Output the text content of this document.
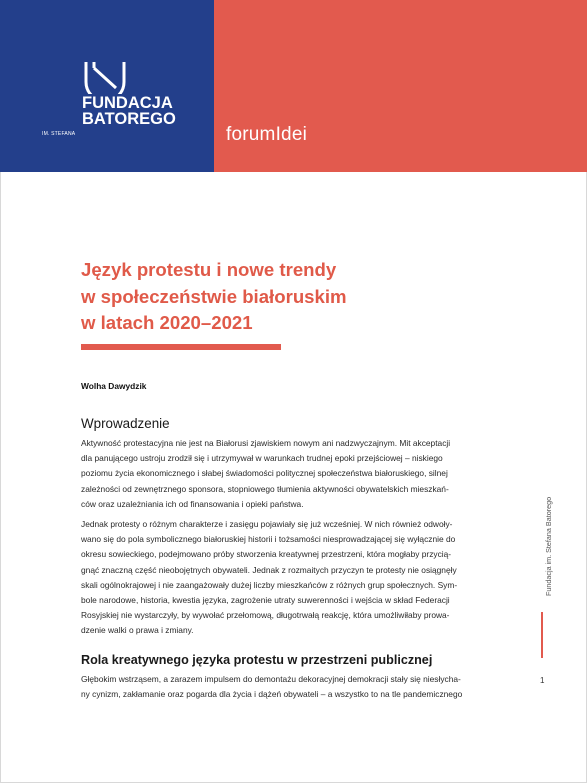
FUNDACJA
BATOREGO
IM. STEFANA	forumIdei
Język protestu i nowe trendy
w społeczeństwie białoruskim
w latach 2020–2021
Wolha Dawydzik
Wprowadzenie
Aktywność protestacyjna nie jest na Białorusi zjawiskiem nowym ani nadzwyczajnym. Mit akceptacji
dla panującego ustroju zrodził się i utrzymywał w warunkach trudnej epoki przejściowej – niskiego
poziomu życia ekonomicznego i słabej świadomości politycznej społeczeństwa białoruskiego, silnej
zależności od zewnętrznego sponsora, stopniowego tłumienia aktywności obywatelskich mieszkań-
ców oraz uzależniania ich od finansowania i opieki państwa.
Jednak protesty o różnym charakterze i zasięgu pojawiały się już wcześniej. W nich również odwoły-
wano się do pola symbolicznego białoruskiej historii i tożsamości niesprowadzającej się wyłącznie do
okresu sowieckiego, podejmowano próby stworzenia kreatywnej przestrzeni, która mogłaby przycią-
gnąć znaczną część nieobojętnych obywateli. Jednak z rozmaitych przyczyn te protesty nie osiągnęły
skali ogólnokrajowej i nie zaangażowały dużej liczby mieszkańców z różnych grup społecznych. Sym-
bole narodowe, historia, kwestia języka, zagrożenie utraty suwerenności i wejścia w skład Federacji
Rosyjskiej nie wystarczyły, by wywołać przełomową, długotrwałą reakcję, która umożliwiłaby prowa-
dzenie walki o prawa i zmiany.
Rola kreatywnego języka protestu w przestrzeni publicznej
Głębokim wstrząsem, a zarazem impulsem do demontażu dekoracyjnej demokracji stały się niesłycha-
ny cynizm, zakłamanie oraz pogarda dla życia i dążeń obywateli – a wszystko to na tle pandemicznego
Fundacja im. Stefana Batorego
1
